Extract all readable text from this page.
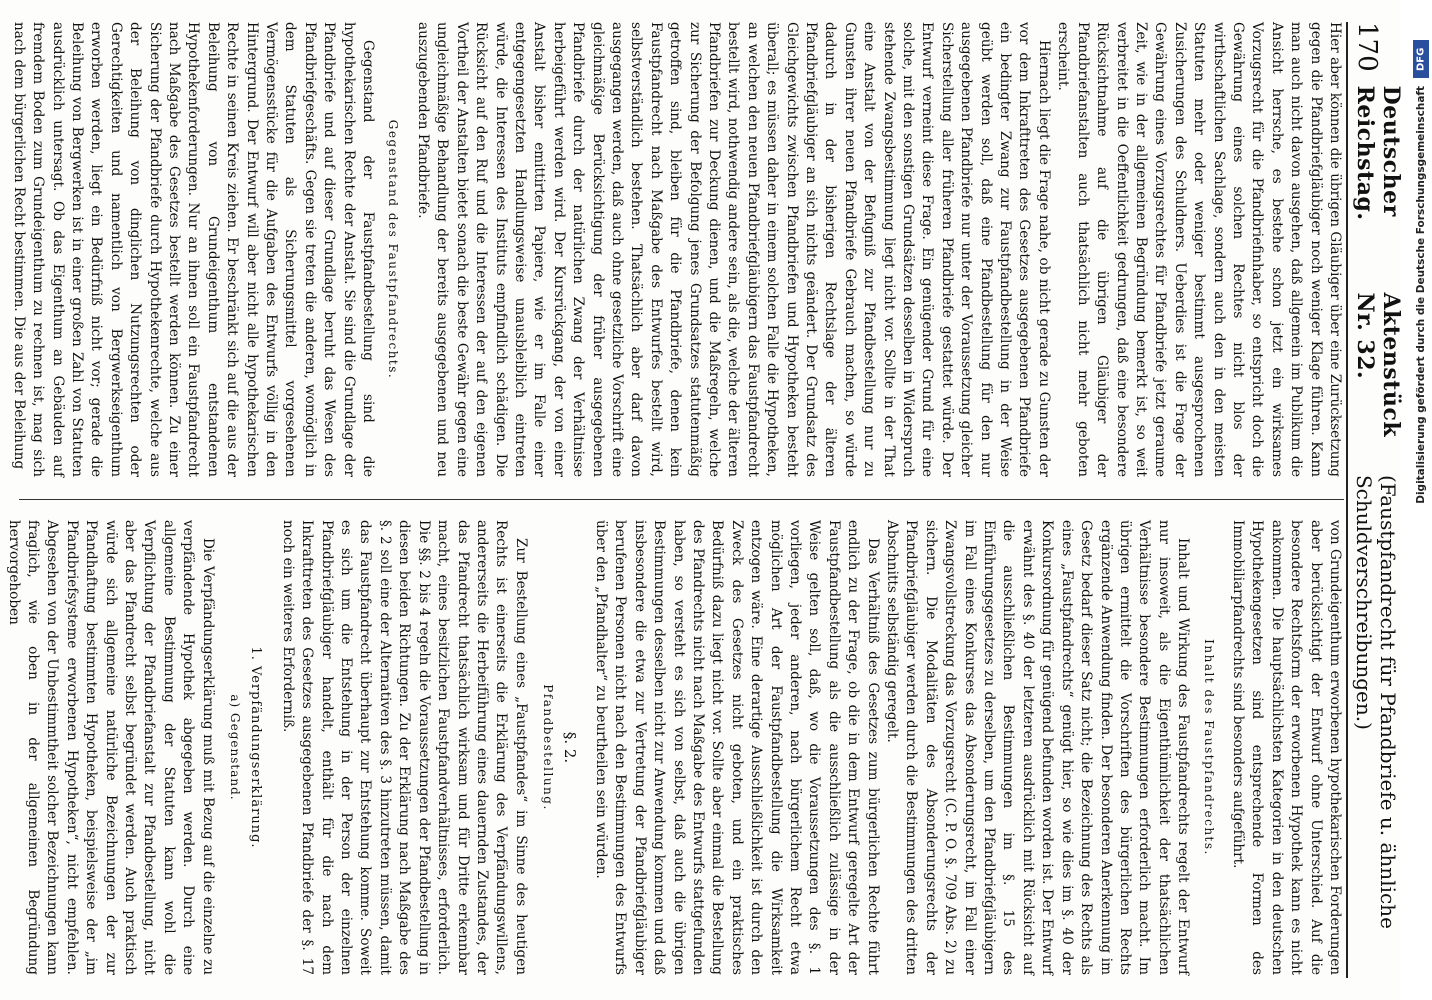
170
Deutscher Reichstag.
Aktenstück Nr. 32.
(Faustpfandrecht für Pfandbriefe u. ähnliche Schuldverschreibungen.)

Hier aber können die übrigen Gläubiger über eine Zurücksetzung gegen die Pfandbriefgläubiger noch weniger Klage führen. Kann man auch nicht davon ausgehen, daß allgemein im Publikum die Ansicht herrsche, es bestehe schon jetzt ein wirksames Vorzugsrecht für die Pfandbriefinhaber, so entspricht doch die Gewährung eines solchen Rechtes nicht blos der wirthschaftlichen Sachlage, sondern auch den in den meisten Statuten mehr oder weniger bestimmt ausgesprochenen Zusicherungen des Schuldners. Ueberdies ist die Frage der Gewährung eines Vorzugsrechtes für Pfandbriefe jetzt geraume Zeit, wie in der allgemeinen Begründung bemerkt ist, so weit verbreitet in die Oeffentlichkeit gedrungen, daß eine besondere Rücksichtnahme auf die übrigen Gläubiger der Pfandbriefanstalten auch thatsächlich nicht mehr geboten erscheint.

Hiernach liegt die Frage nahe, ob nicht gerade zu Gunsten der vor dem Inkrafttreten des Gesetzes ausgegebenen Pfandbriefe ein bedingter Zwang zur Faustpfandbestellung in der Weise geübt werden soll, daß eine Pfandbestellung für den nur ausgegebenen Pfandbriefe nur unter der Voraussetzung gleicher Sicherstellung aller früheren Pfandbriefe gestattet würde. Der Entwurf verneint diese Frage. Ein genügender Grund für eine solche, mit den sonstigen Grundsätzen desselben in Widerspruch stehende Zwangsbestimmung liegt nicht vor. Sollte in der That eine Anstalt von der Befugniß zur Pfandbestellung nur zu Gunsten ihrer neuen Pfandbriefe Gebrauch machen, so würde dadurch in der bisherigen Rechtslage der älteren Pfandbriefgläubiger an sich nichts geändert. Der Grundsatz des Gleichgewichts zwischen Pfandbriefen und Hypotheken besteht überall; es müssen daher in einem solchen Falle die Hypotheken, an welchen den neuen Pfandbriefgläubigern das Faustpfandrecht bestellt wird, nothwendig andere sein, als die, welche der älteren Pfandbriefen zur Deckung dienen, und die Maßregeln, welche zur Sicherung der Befolgung jenes Grundsatzes statutenmäßig getroffen sind, bleiben für die Pfandbriefe, denen kein Faustpfandrecht nach Maßgabe des Entwurfes bestellt wird, selbstverständlich bestehen. Thatsächlich aber darf davon ausgegangen werden, daß auch ohne gesetzliche Vorschrift eine gleichmäßige Berücksichtigung der früher ausgegebenen Pfandbriefe durch der natürlichen Zwang der Verhältnisse herbeigeführt werden wird. Der Kursrückgang, der von einer Anstalt bisher emittirten Papiere, wie er im Falle einer entgegengesetzten Handlungsweise unausbleiblich eintreten würde, die Interessen des Instituts empfindlich schädigen. Die Rücksicht auf den Ruf und die Interessen der auf den eigenen Vortheil der Anstalten bietet sonach die beste Gewähr gegen eine ungleichmäßige Behandlung der bereits ausgegebenen und neu auszugebenden Pfandbriefe.

Gegenstand des Faustpfandrechts.

Gegenstand der Faustpfandbestellung sind die hypothekarischen Rechte der Anstalt. Sie sind die Grundlage der Pfandbriefe und auf dieser Grundlage beruht das Wesen des Pfandbriefgeschäfts. Gegen sie treten die anderen, womöglich in dem Statuten als Sicherungsmittel vorgesehenen Vermögensstücke für die Aufgaben des Entwurfs völlig in den Hintergrund. Der Entwurf will aber nicht alle hypothekarischen Rechte in seinen Kreis ziehen. Er beschränkt sich auf die aus der Beleihung von Grundeigenthum entstandenen Hypothekenforderungen. Nur an ihnen soll ein Faustpfandrecht nach Maßgabe des Gesetzes bestellt werden können. Zu einer Sicherung der Pfandbriefe durch Hypothekenrechte, welche aus der Beleihung von dinglichen Nutzungsrechten oder Gerechtigkeiten und namentlich von Bergwerkseigenthum erworben werden, liegt ein Bedürfniß nicht vor; gerade die Beleihung von Bergwerken ist in einer großen Zahl von Statuten ausdrücklich untersagt. Ob das Eigenthum an Gebäuden auf fremdem Boden zum Grundeigenthum zu rechnen ist, mag sich nach dem bürgerlichen Recht bestimmen. Die aus der Beleihung

von Grundeigenthum erworbenen hypothekarischen Forderungen aber berücksichtigt der Entwurf ohne Unterschied. Auf die besondere Rechtsform der erworbenen Hypothek kann es nicht ankommen. Die hauptsächlichsten Kategorien in den deutschen Hypothekengesetzen sind entsprechende Formen des Immobiliarpfandrechts sind besonders aufgeführt.

Inhalt des Faustpfandrechts.

Inhalt und Wirkung des Faustpfandrechts regelt der Entwurf nur insoweit, als die Eigenthümlichkeit der thatsächlichen Verhältnisse besondere Bestimmungen erforderlich macht. Im übrigen ermittelt die Vorschriften des bürgerlichen Rechts ergänzende Anwendung finden. Der besonderen Anerkennung im Gesetz bedarf dieser Satz nicht; die Bezeichnung des Rechts als eines „Faustpfandrechts“ genügt hier, so wie dies im §. 40 der Konkursordnung für genügend befunden worden ist. Der Entwurf erwähnt des §. 40 der letzteren ausdrücklich mit Rücksicht auf die ausschließlichen Bestimmungen im §. 15 des Einführungsgesetzes zu derselben, um den Pfandbriefgläubigern im Fall eines Konkurses das Absonderungsrecht, im Fall einer Zwangsvollstreckung das Vorzugsrecht (C. P. O. §. 709 Abs. 2) zu sichern. Die Modalitäten des Absonderungsrechts der Pfandbriefgläubiger werden durch die Bestimmungen des dritten Abschnitts selbständig geregelt.

Das Verhältniß des Gesetzes zum bürgerlichen Rechte führt endlich zu der Frage, ob die in dem Entwurf geregelte Art der Faustpfandbestellung als die ausschließlich zulässige in der Weise gelten soll, daß, wo die Voraussetzungen des §. 1 vorliegen, jeder anderen, nach bürgerlichem Recht etwa möglichen Art der Faustpfandbestellung die Wirksamkeit entzogen wäre. Eine derartige Ausschließlichkeit ist durch den Zweck des Gesetzes nicht geboten, und ein praktisches Bedürfniß dazu liegt nicht vor. Sollte aber einmal die Bestellung des Pfandrechts nicht nach Maßgabe des Entwurfs stattgefunden haben, so versteht es sich von selbst, daß auch die übrigen Bestimmungen desselben nicht zur Anwendung kommen und daß insbesondere die etwa zur Vertretung der Pfandbriefgläubiger berufenen Personen nicht nach den Bestimmungen des Entwurfs über den „Pfandhalter“ zu beurtheilen sein würden.

§. 2.

Pfandbestellung.

Zur Bestellung eines „Faustpfandes“ im Sinne des heutigen Rechts ist einerseits die Erklärung des Verpfändungswillens, andererseits die Herbeiführung eines dauernden Zustandes, der das Pfandrecht thatsächlich wirksam und für Dritte erkennbar macht, eines besitzlichen Faustpfandverhältnisses, erforderlich. Die §§. 2 bis 4 regeln die Voraussetzungen der Pfandbestellung in diesen beiden Richtungen. Zu der Erklärung nach Maßgabe des §. 2 soll eine der Alternativen des §. 3 hinzutreten müssen, damit das Faustpfandrecht überhaupt zur Entstehung komme. Soweit es sich um die Entstehung in der Person der einzelnen Pfandbriefgläubiger handelt, enthält für die nach dem Inkrafttreten des Gesetzes ausgegebenen Pfandbriefe der §. 17 noch ein weiteres Erforderniß.

1. Verpfändungserklärung.

a) Gegenstand.

Die Verpfändungserklärung muß mit Bezug auf die einzelne zu verpfändende Hypothek abgegeben werden. Durch eine allgemeine Bestimmung der Statuten kann wohl die Verpflichtung der Pfandbriefanstalt zur Pfandbestellung, nicht aber das Pfandrecht selbst begründet werden. Auch praktisch würde sich allgemeine natürliche Bezeichnungen der zur Pfandhaftung bestimmten Hypotheken, beispielsweise der „im Pfandbriefsysteme erworbenen Hypotheken“, nicht empfehlen. Abgesehen von der Unbestimmtheit solcher Bezeichnungen kann fraglich, wie oben in der allgemeinen Begründung hervorgehoben

DFG
Digitalisierung gefördert durch die Deutsche Forschungsgemeinschaft
